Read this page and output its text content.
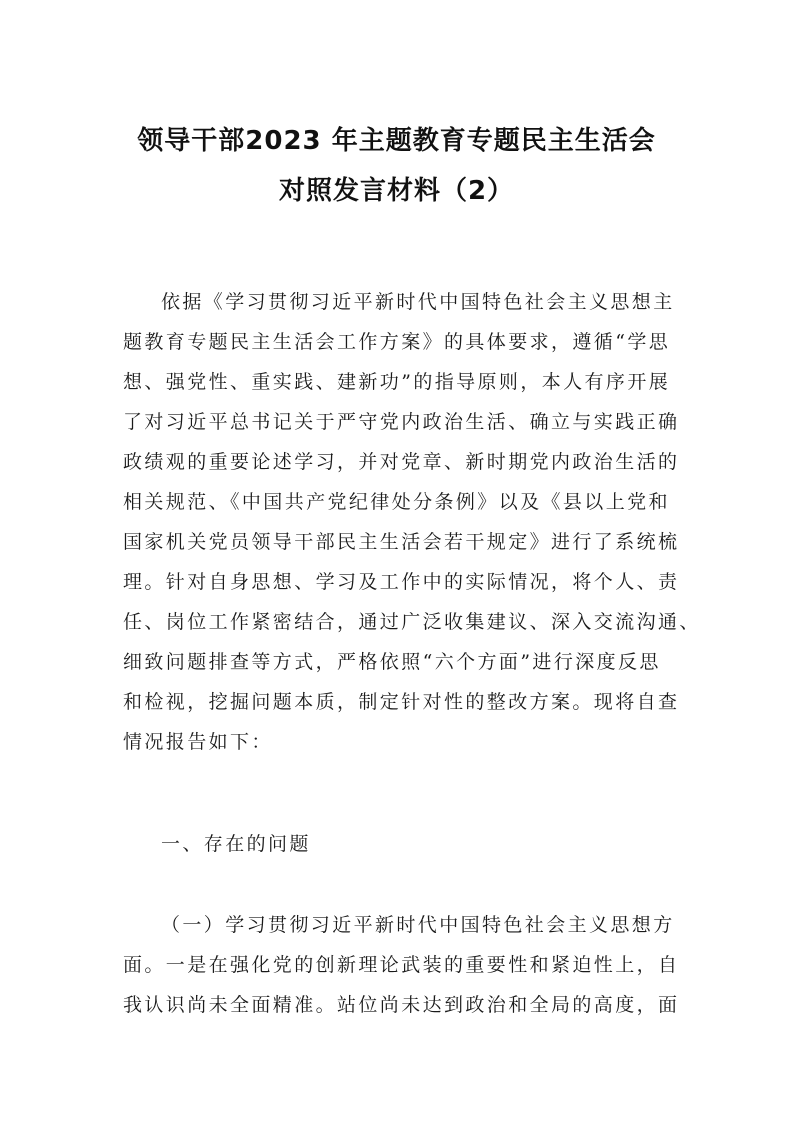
领导干部2023 年主题教育专题民主生活会
对照发言材料（2）
依据《学习贯彻习近平新时代中国特色社会主义思想主
题教育专题民主生活会工作方案》的具体要求，遵循“学思
想、强党性、重实践、建新功”的指导原则，本人有序开展
了对习近平总书记关于严守党内政治生活、确立与实践正确
政绩观的重要论述学习，并对党章、新时期党内政治生活的
相关规范、《中国共产党纪律处分条例》以及《县以上党和
国家机关党员领导干部民主生活会若干规定》进行了系统梳
理。针对自身思想、学习及工作中的实际情况，将个人、责
任、岗位工作紧密结合，通过广泛收集建议、深入交流沟通、
细致问题排查等方式，严格依照“六个方面”进行深度反思
和检视，挖掘问题本质，制定针对性的整改方案。现将自查
情况报告如下：
一、存在的问题
（一）学习贯彻习近平新时代中国特色社会主义思想方
面。一是在强化党的创新理论武装的重要性和紧迫性上，自
我认识尚未全面精准。站位尚未达到政治和全局的高度，面
